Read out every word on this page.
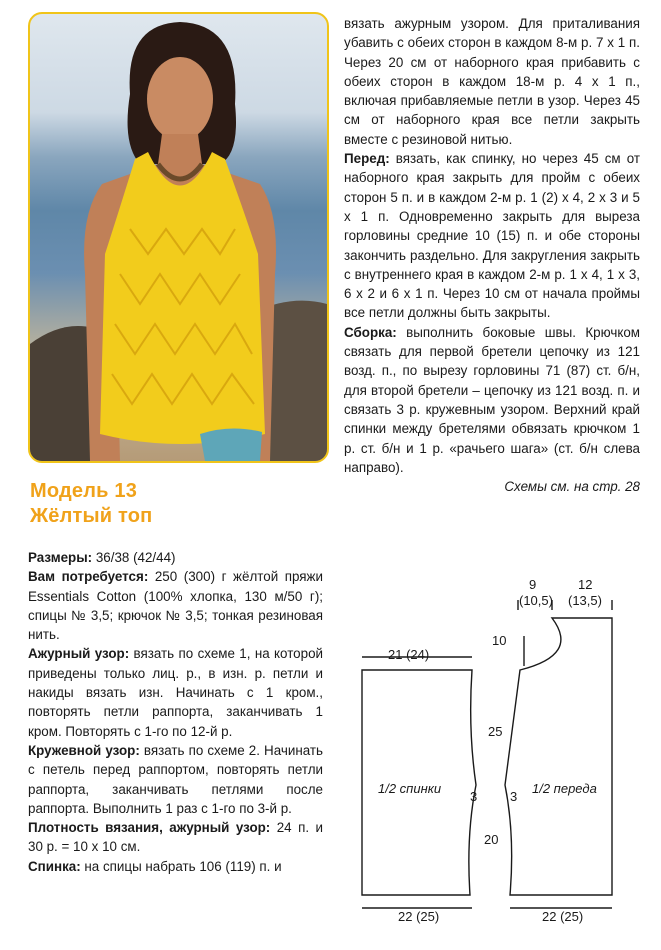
Модель 13
Жёлтый топ

Размеры: 36/38 (42/44)

Вам потребуется: 250 (300) г жёлтой пряжи Essentials Cotton (100% хлопка, 130 м/50 г); спицы № 3,5; крючок № 3,5; тонкая резиновая нить.

Ажурный узор: вязать по схеме 1, на которой приведены только лиц. р., в изн. р. петли и накиды вязать изн. Начинать с 1 кром., повторять петли раппорта, заканчивать 1 кром. Повторять с 1-го по 12-й р.

Кружевной узор: вязать по схеме 2. Начинать с петель перед раппортом, повторять петли раппорта, заканчивать петлями после раппорта. Выполнить 1 раз с 1-го по 3-й р.

Плотность вязания, ажурный узор: 24 п. и 30 р. = 10 х 10 см.

Спинка: на спицы набрать 106 (119) п. и

вязать ажурным узором. Для приталивания убавить с обеих сторон в каждом 8-м р. 7 х 1 п. Через 20 см от наборного края прибавить с обеих сторон в каждом 18-м р. 4 х 1 п., включая прибавляемые петли в узор. Через 45 см от наборного края все петли закрыть вместе с резиновой нитью.

Перед: вязать, как спинку, но через 45 см от наборного края закрыть для пройм с обеих сторон 5 п. и в каждом 2-м р. 1 (2) х 4, 2 х 3 и 5 х 1 п. Одновременно закрыть для выреза горловины средние 10 (15) п. и обе стороны закончить раздельно. Для закругления закрыть с внутреннего края в каждом 2-м р. 1 х 4, 1 х 3, 6 х 2 и 6 х 1 п. Через 10 см от начала проймы все петли должны быть закрыты.

Сборка: выполнить боковые швы. Крючком связать для первой бретели цепочку из 121 возд. п., по вырезу горловины 71 (87) ст. б/н, для второй бретели – цепочку из 121 возд. п. и связать 3 р. кружевным узором. Верхний край спинки между бретелями обвязать крючком 1 р. ст. б/н и 1 р. «рачьего шага» (ст. б/н слева направо).

Схемы см. на стр. 28

9
(10,5)
12
(13,5)
10
21 (24)
25
1/2 спинки
3	3
1/2 переда
20
22 (25)	22 (25)
